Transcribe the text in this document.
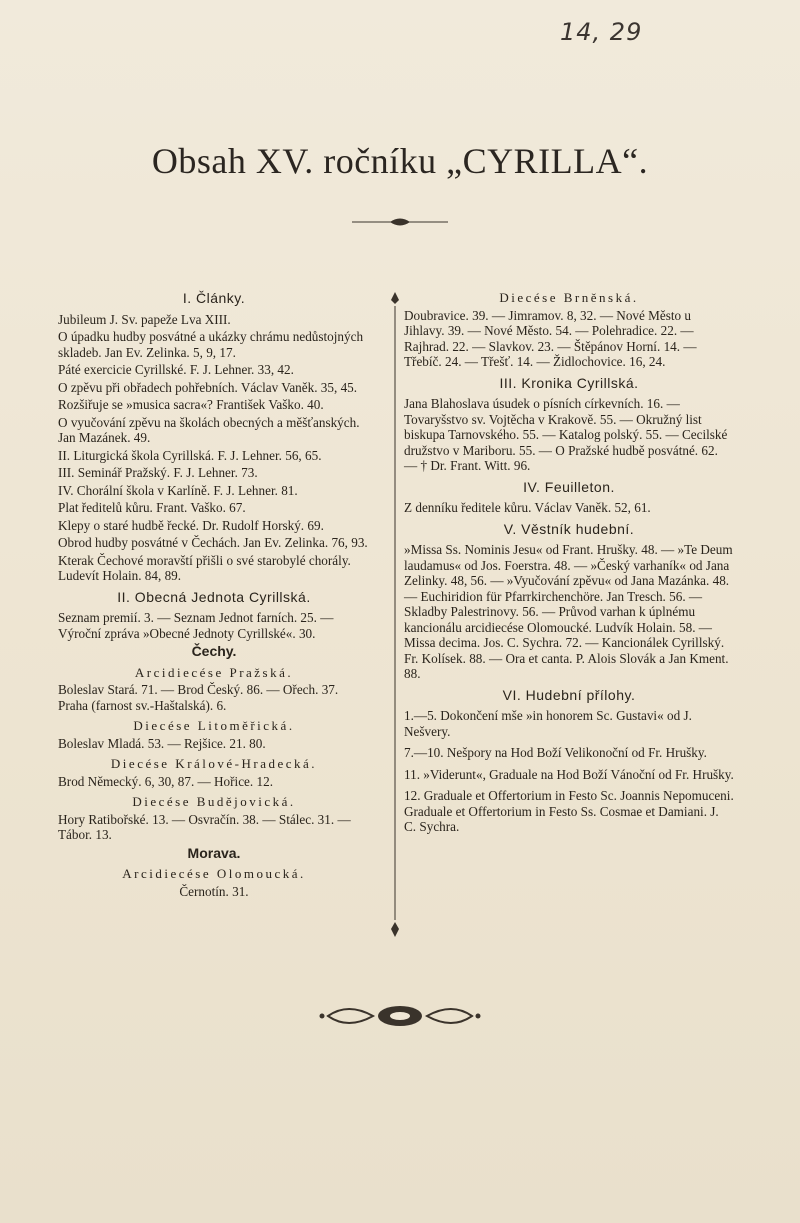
14, 29
Obsah XV. ročníku „CYRILLA“.
I. Články.
Jubileum J. Sv. papeže Lva XIII.
O úpadku hudby posvátné a ukázky chrámu nedůstojných skladeb. Jan Ev. Zelinka. 5, 9, 17.
Páté exercicie Cyrillské. F. J. Lehner. 33, 42.
O zpěvu při obřadech pohřebních. Václav Vaněk. 35, 45.
Rozšiřuje se »musica sacra«? František Vaško. 40.
O vyučování zpěvu na školách obecných a měšťanských. Jan Mazánek. 49.
II. Liturgická škola Cyrillská. F. J. Lehner. 56, 65.
III. Seminář Pražský. F. J. Lehner. 73.
IV. Chorální škola v Karlíně. F. J. Lehner. 81.
Plat ředitelů kůru. Frant. Vaško. 67.
Klepy o staré hudbě řecké. Dr. Rudolf Horský. 69.
Obrod hudby posvátné v Čechách. Jan Ev. Zelinka. 76, 93.
Kterak Čechové moravští přišli o své starobylé chorály. Ludevít Holain. 84, 89.
II. Obecná Jednota Cyrillská.
Seznam premií. 3. — Seznam Jednot farních. 25. — Výroční zpráva »Obecné Jednoty Cyrillské«. 30.
Čechy.
Arcidiecése Pražská.
Boleslav Stará. 71. — Brod Český. 86. — Ořech. 37. Praha (farnost sv.-Haštalská). 6.
Diecése Litoměřická.
Boleslav Mladá. 53. — Rejšice. 21. 80.
Diecése Králové-Hradecká.
Brod Německý. 6, 30, 87. — Hořice. 12.
Diecése Budějovická.
Hory Ratibořské. 13. — Osvračín. 38. — Stálec. 31. — Tábor. 13.
Morava.
Arcidiecése Olomoucká.
Černotín. 31.
Diecése Brněnská.
Doubravice. 39. — Jimramov. 8, 32. — Nové Město u Jihlavy. 39. — Nové Město. 54. — Polehradice. 22. — Rajhrad. 22. — Slavkov. 23. — Štěpánov Horní. 14. — Třebíč. 24. — Třešť. 14. — Židlochovice. 16, 24.
III. Kronika Cyrillská.
Jana Blahoslava úsudek o písních církevních. 16. — Tovaryšstvo sv. Vojtěcha v Krakově. 55. — Okružný list biskupa Tarnovského. 55. — Katalog polský. 55. — Cecilské družstvo v Mariboru. 55. — O Pražské hudbě posvátné. 62. — † Dr. Frant. Witt. 96.
IV. Feuilleton.
Z denníku ředitele kůru. Václav Vaněk. 52, 61.
V. Věstník hudební.
»Missa Ss. Nominis Jesu« od Frant. Hrušky. 48. — »Te Deum laudamus« od Jos. Foerstra. 48. — »Český varhaník« od Jana Zelinky. 48, 56. — »Vyučování zpěvu« od Jana Mazánka. 48. — Euchiridion für Pfarrkirchenchöre. Jan Tresch. 56. — Skladby Palestrinovy. 56. — Průvod varhan k úplnému kancionálu arcidiecése Olomoucké. Ludvík Holain. 58. — Missa decima. Jos. C. Sychra. 72. — Kancionálek Cyrillský. Fr. Kolísek. 88. — Ora et canta. P. Alois Slovák a Jan Kment. 88.
VI. Hudební přílohy.
1.—5. Dokončení mše »in honorem Sc. Gustavi« od J. Nešvery.
7.—10. Nešpory na Hod Boží Velikonoční od Fr. Hrušky.
11. »Viderunt«, Graduale na Hod Boží Vánoční od Fr. Hrušky.
12. Graduale et Offertorium in Festo Sc. Joannis Nepomuceni. Graduale et Offertorium in Festo Ss. Cosmae et Damiani. J. C. Sychra.
